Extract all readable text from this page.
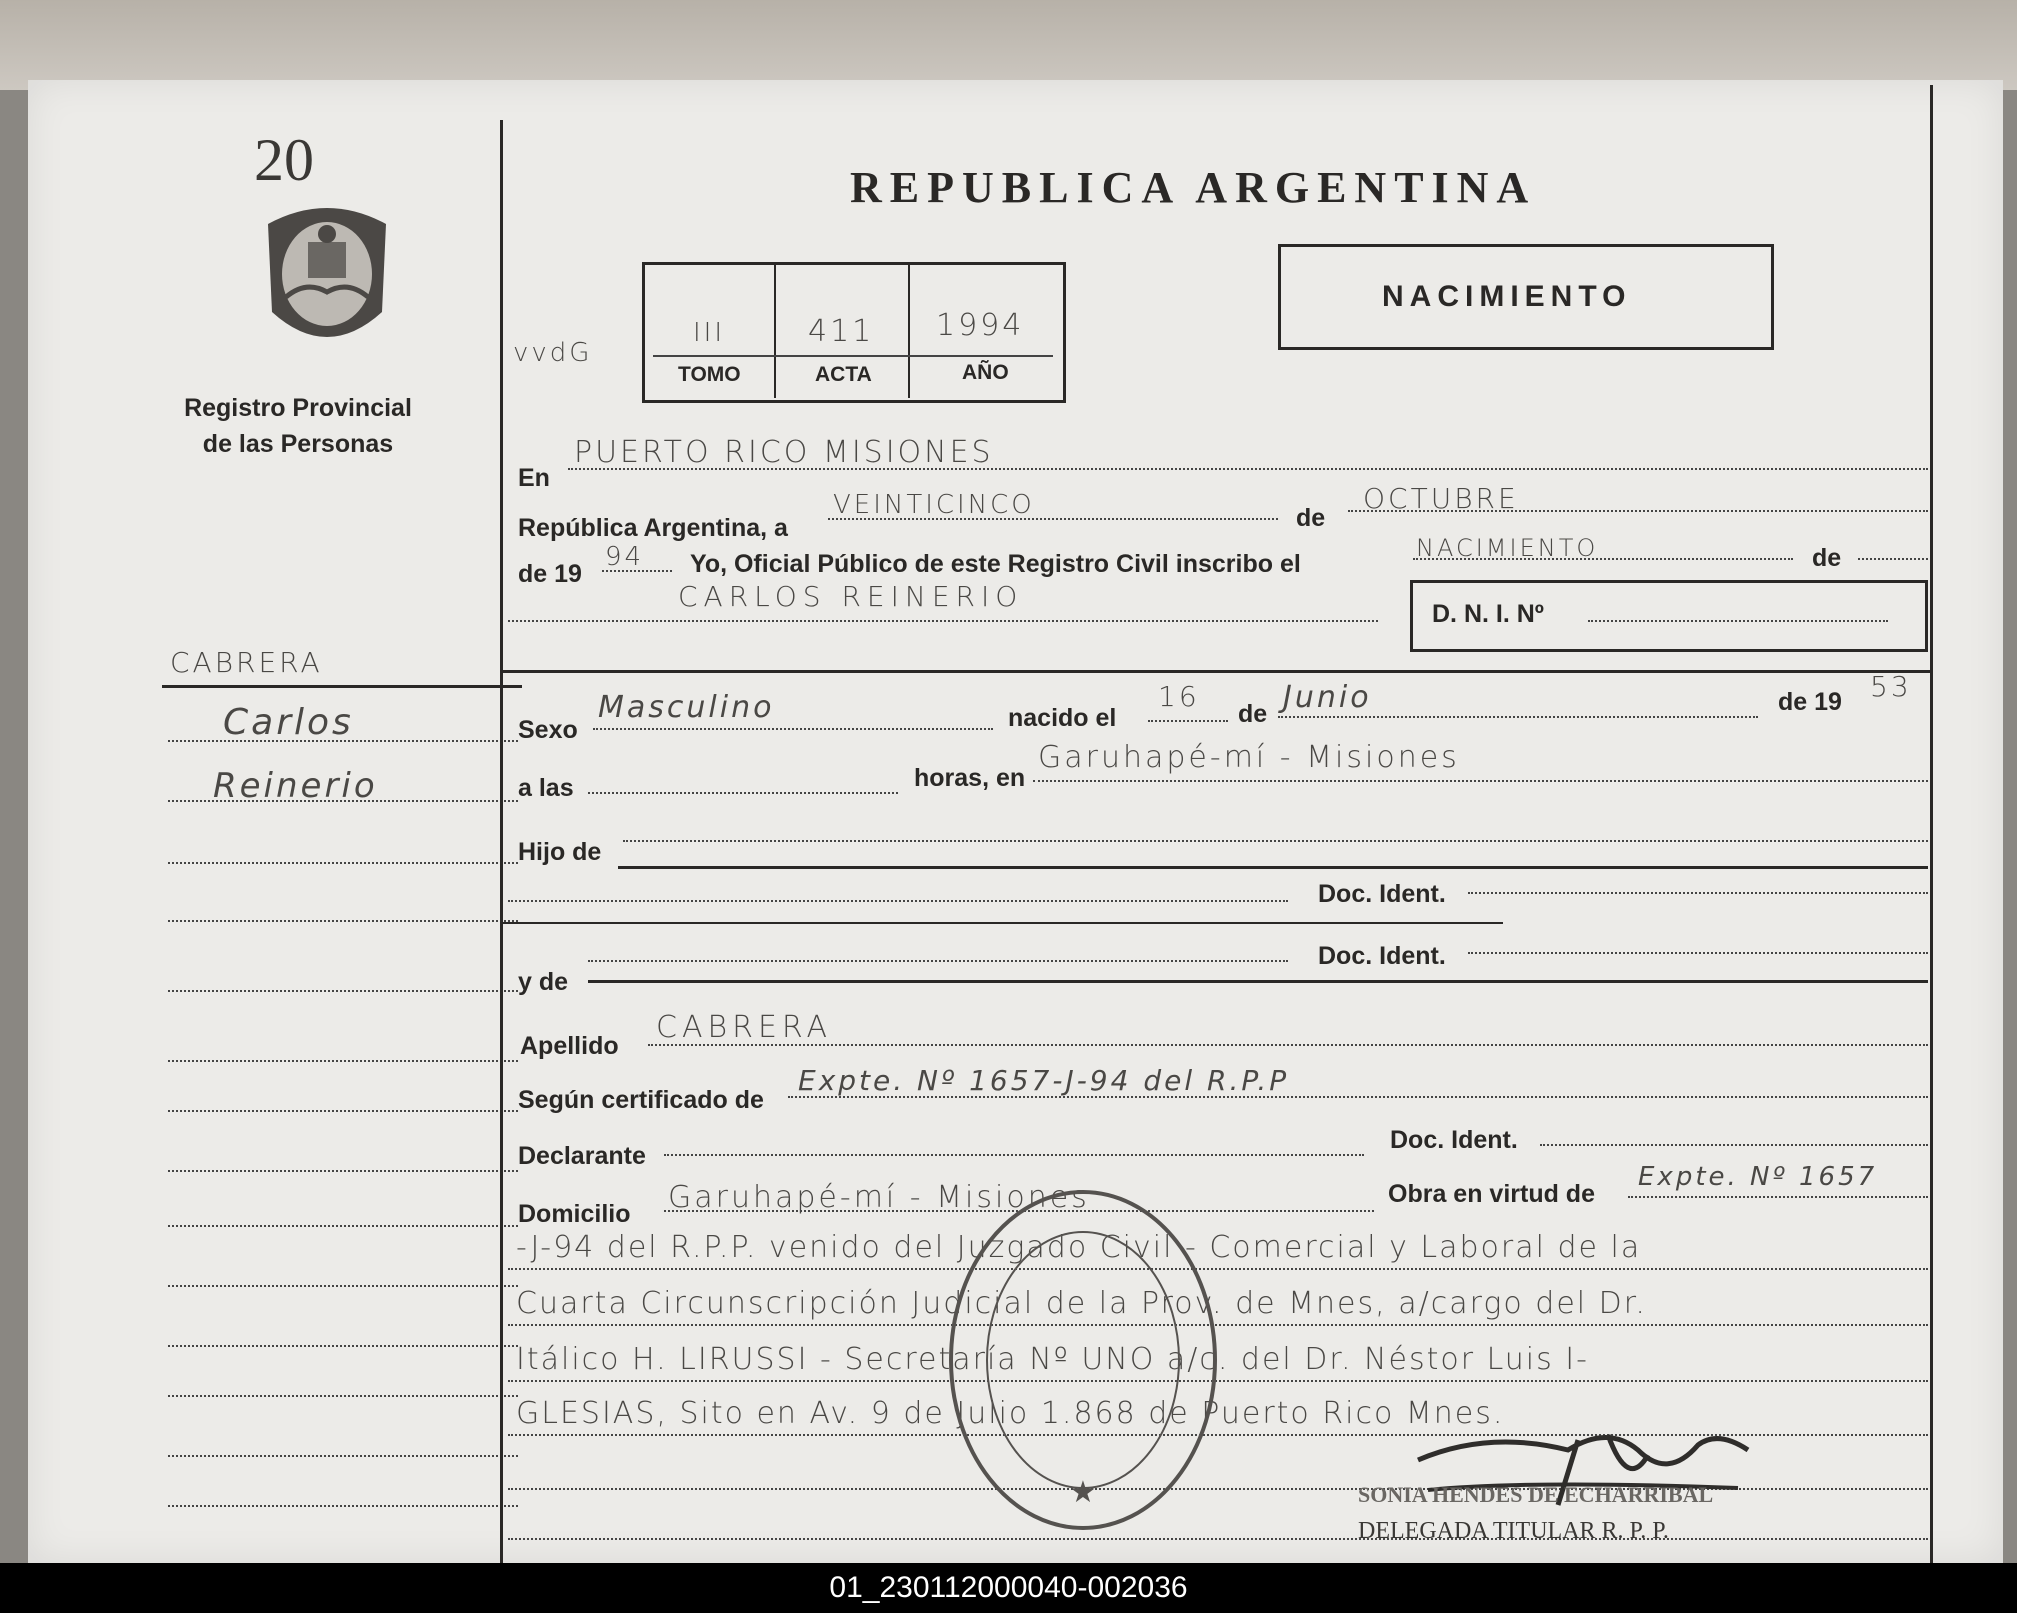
20
Registro Provincial
de las Personas
CABRERA
Carlos
Reinerio
REPUBLICA ARGENTINA
NACIMIENTO
vvdG
III	411 1994
TOMO	ACTA	AÑO
En
PUERTO RICO MISIONES
República Argentina, a
VEINTICINCO	de
OCTUBRE
de 19
94 Yo, Oficial Público de este Registro Civil inscribo el
NACIMIENTO	de
CARLOS REINERIO
D. N. I. Nº
Sexo
Masculino	nacido el
16
de Junio	de 19 53
a las	horas, en
Garuhapé-mí - Misiones
Hijo de
Doc. Ident.
y de
Doc. Ident.
Apellido
CABRERA
Según certificado de
Expte. Nº 1657-J-94 del R.P.P
Declarante
Doc. Ident.
Domicilio Garuhapé-mí - Misiones	Obra en virtud de
Expte. Nº 1657
-J-94 del R.P.P. venido del Juzgado Civil - Comercial y Laboral de la
Cuarta Circunscripción Judicial de la Prov. de Mnes, a/cargo del Dr.
Itálico H. LIRUSSI - Secretaría Nº UNO a/c. del Dr. Néstor Luis I-
GLESIAS, Sito en Av. 9 de Julio 1.868 de Puerto Rico Mnes.
★	SONIA HENDES DE ECHARRIBAL
DELEGADA TITULAR R. P. P.
01_230112000040-002036
